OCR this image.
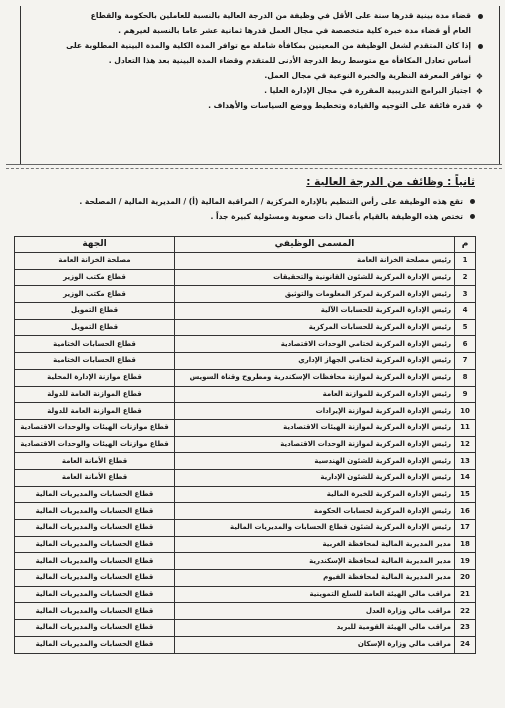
قضاء مدة بينية قدرها سنة على الأقل في وظيفة من الدرجة العالية بالنسبة للعاملين بالحكومة والقطاع
العام أو قضاء مدة خبرة كلية متخصصة في مجال العمل قدرها ثمانية عشر عاما بالنسبة لغيرهم .
إذا كان المتقدم لشغل الوظيفة من المعينين بمكافأة شاملة مع توافر المدة الكلية والمدة البينية المطلوبة على
أساس تعادل المكافأة مع متوسط ربط الدرجة الأدنى للمتقدم وقضاء المدة البينية بعد هذا التعادل .
❖
توافر المعرفة النظرية والخبرة النوعية في مجال العمل.
❖
اجتياز البرامج التدريبية المقررة في مجال الإدارة العليا .
❖
قدره فائقة على التوجيه والقيادة وتخطيط ووضع السياسات والأهداف .
ثانياً : وظائف من الدرجة العالية :
تقع هذه الوظيفة على رأس التنظيم بالإدارة المركزية / المراقبة المالية (أ) / المديرية المالية / المصلحة .
تختص هذه الوظيفة بالقيام بأعمال ذات صعوبة ومسئولية كبيرة جداً .
م	المسمى الوظيفي	الجهة
1	رئيس مصلحة الخزانة العامة	مصلحة الخزانة العامة
2	رئيس الإدارة المركزية للشئون القانونية والتحقيقات	قطاع مكتب الوزير
3	رئيس الإدارة المركزية لمركز المعلومات والتوثيق	قطاع مكتب الوزير
4	رئيس الإدارة المركزية للحسابات الآلية	قطاع التمويل
5	رئيس الإدارة المركزية للحسابات المركزية	قطاع التمويل
6	رئيس الإدارة المركزية لختامي الوحدات الاقتصادية	قطاع الحسابات الختامية
7	رئيس الإدارة المركزية لختامي الجهاز الإداري	قطاع الحسابات الختامية
8	رئيس الإدارة المركزية لموازنة محافظات الإسكندرية ومطروح وقناة السويس	قطاع موازنة الإدارة المحلية
9	رئيس الإدارة المركزية للموازنة العامة	قطاع الموازنة العامة للدولة
10	رئيس الإدارة المركزية لموازنة الإيرادات	قطاع الموازنة العامة للدولة
11	رئيس الإدارة المركزية لموازنة الهيئات الاقتصادية	قطاع موازنات الهيئات والوحدات الاقتصادية
12	رئيس الإدارة المركزية لموازنة الوحدات الاقتصادية	قطاع موازنات الهيئات والوحدات الاقتصادية
13	رئيس الإدارة المركزية للشئون الهندسية	قطاع الأمانة العامة
14	رئيس الإدارة المركزية للشئون الإدارية	قطاع الأمانة العامة
15	رئيس الإدارة المركزية للخبرة المالية	قطاع الحسابات والمديريات المالية
16	رئيس الإدارة المركزية لحسابات الحكومة	قطاع الحسابات والمديريات المالية
17	رئيس الإدارة المركزية لشئون قطاع الحسابات والمديريات المالية	قطاع الحسابات والمديريات المالية
18	مدير المديرية المالية لمحافظة الغربية	قطاع الحسابات والمديريات المالية
19	مدير المديرية المالية لمحافظة الإسكندرية	قطاع الحسابات والمديريات المالية
20	مدير المديرية المالية لمحافظة الفيوم	قطاع الحسابات والمديريات المالية
21	مراقب مالي الهيئة العامة للسلع التموينية	قطاع الحسابات والمديريات المالية
22	مراقب مالي وزارة العدل	قطاع الحسابات والمديريات المالية
23	مراقب مالي الهيئة القومية للبريد	قطاع الحسابات والمديريات المالية
24	مراقب مالي وزارة الإسكان	قطاع الحسابات والمديريات المالية
